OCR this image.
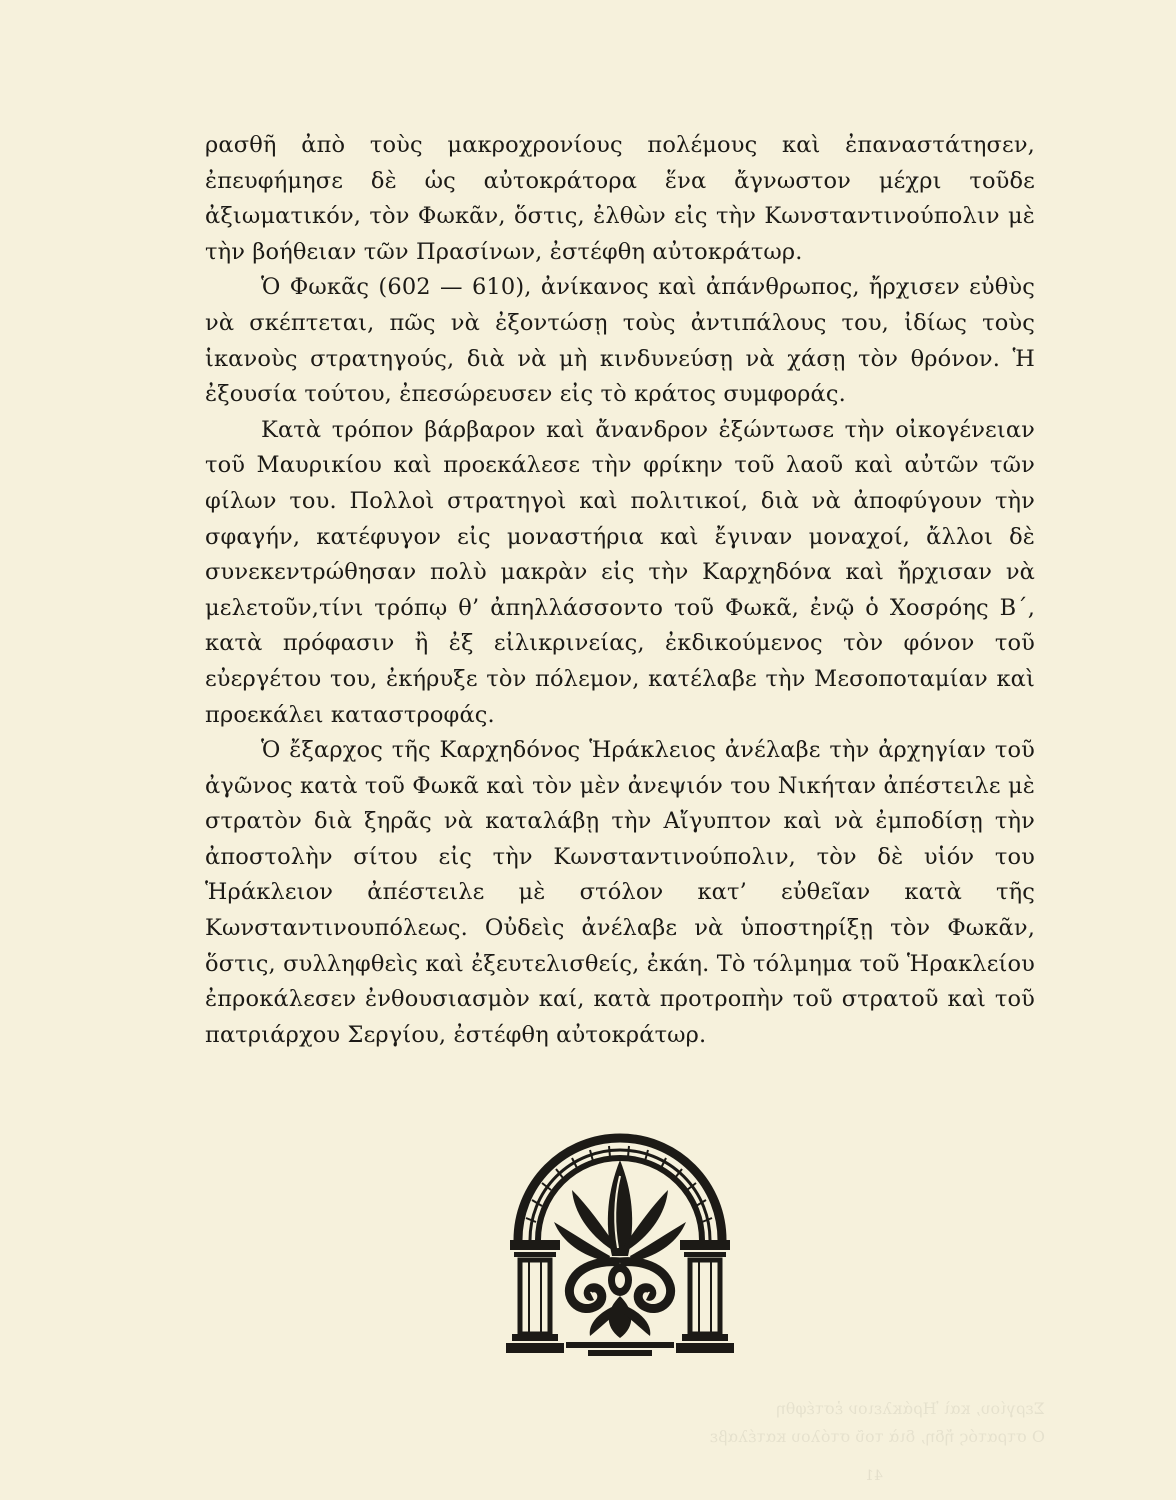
ρασθῆ ἀπὸ τοὺς μακροχρονίους πολέμους καὶ ἐπαναστάτησεν, ἐπευφήμησε δὲ ὡς αὐτοκράτορα ἕνα ἄγνωστον μέχρι τοῦδε ἀξιωματικόν, τὸν Φωκᾶν, ὅστις, ἐλθὼν εἰς τὴν Κωνσταντινούπολιν μὲ τὴν βοήθειαν τῶν Πρασίνων, ἐστέφθη αὐτοκράτωρ.

Ὁ Φωκᾶς (602 — 610), ἀνίκανος καὶ ἀπάνθρωπος, ἤρχισεν εὐθὺς νὰ σκέπτεται, πῶς νὰ ἐξοντώσῃ τοὺς ἀντιπάλους του, ἰδίως τοὺς ἱκανοὺς στρατηγούς, διὰ νὰ μὴ κινδυνεύσῃ νὰ χάσῃ τὸν θρόνον. Ἡ ἐξουσία τούτου, ἐπεσώρευσεν εἰς τὸ κράτος συμφοράς.

Κατὰ τρόπον βάρβαρον καὶ ἄνανδρον ἐξώντωσε τὴν οἰκογένειαν τοῦ Μαυρικίου καὶ προεκάλεσε τὴν φρίκην τοῦ λαοῦ καὶ αὐτῶν τῶν φίλων του. Πολλοὶ στρατηγοὶ καὶ πολιτικοί, διὰ νὰ ἀποφύγουν τὴν σφαγήν, κατέφυγον εἰς μοναστήρια καὶ ἔγιναν μοναχοί, ἄλλοι δὲ συνεκεντρώθησαν πολὺ μακρὰν εἰς τὴν Καρχηδόνα καὶ ἤρχισαν νὰ μελετοῦν,τίνι τρόπῳ θ’ ἀπηλλάσσοντο τοῦ Φωκᾶ, ἐνῷ ὁ Χοσρόης Β΄, κατὰ πρόφασιν ἢ ἐξ εἰλικρινείας, ἐκδικούμενος τὸν φόνον τοῦ εὐεργέτου του, ἐκήρυξε τὸν πόλεμον, κατέλαβε τὴν Μεσοποταμίαν καὶ προεκάλει καταστροφάς.

Ὁ ἔξαρχος τῆς Καρχηδόνος Ἡράκλειος ἀνέλαβε τὴν ἀρχηγίαν τοῦ ἀγῶνος κατὰ τοῦ Φωκᾶ καὶ τὸν μὲν ἀνεψιόν του Νικήταν ἀπέστειλε μὲ στρατὸν διὰ ξηρᾶς νὰ καταλάβῃ τὴν Αἴγυπτον καὶ νὰ ἐμποδίσῃ τὴν ἀποστολὴν σίτου εἰς τὴν Κωνσταντινούπολιν, τὸν δὲ υἱόν του Ἡράκλειον ἀπέστειλε μὲ στόλον κατ’ εὐθεῖαν κατὰ τῆς Κωνσταντινουπόλεως. Οὐδεὶς ἀνέλαβε νὰ ὑποστηρίξῃ τὸν Φωκᾶν, ὅστις, συλληφθεὶς καὶ ἐξευτελισθείς, ἐκάη. Τὸ τόλμημα τοῦ Ἡρακλείου ἐπροκάλεσεν ἐνθουσιασμὸν καί, κατὰ προτροπὴν τοῦ στρατοῦ καὶ τοῦ πατριάρχου Σεργίου, ἐστέφθη αὐτοκράτωρ.

Σεργίου, καὶ Ἡράκλειον ἐστέφθη
Ο στρατός ἤδη, διὰ τοῦ στόλου κατέλαβε
41
